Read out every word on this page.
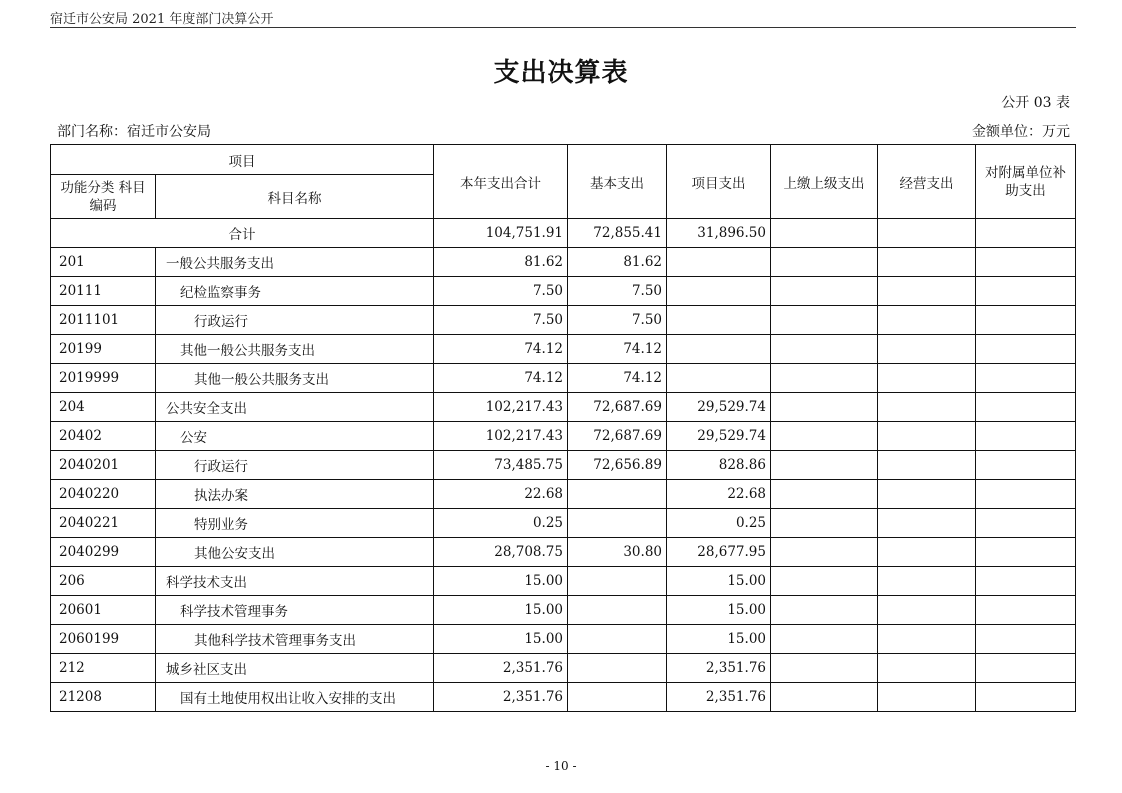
宿迁市公安局 2021 年度部门决算公开
支出决算表
公开 03 表
部门名称：宿迁市公安局	金额单位：万元
项目		本年支出合计	基本支出	项目支出	上缴上级支出	经营支出	对附属单位补 助支出
功能分类 科目编码	科目名称						
合计		104,751.91	72,855.41	31,896.50			
201	一般公共服务支出	81.62	81.62				
20111	纪检监察事务	7.50	7.50				
2011101	行政运行	7.50	7.50				
20199	其他一般公共服务支出	74.12	74.12				
2019999	其他一般公共服务支出	74.12	74.12				
204	公共安全支出	102,217.43	72,687.69	29,529.74			
20402	公安	102,217.43	72,687.69	29,529.74			
2040201	行政运行	73,485.75	72,656.89	828.86			
2040220	执法办案	22.68		22.68			
2040221	特别业务	0.25		0.25			
2040299	其他公安支出	28,708.75	30.80	28,677.95			
206	科学技术支出	15.00		15.00			
20601	科学技术管理事务	15.00		15.00			
2060199	其他科学技术管理事务支出	15.00		15.00			
212	城乡社区支出	2,351.76		2,351.76			
21208	国有土地使用权出让收入安排的支出	2,351.76		2,351.76			
- 10 -
